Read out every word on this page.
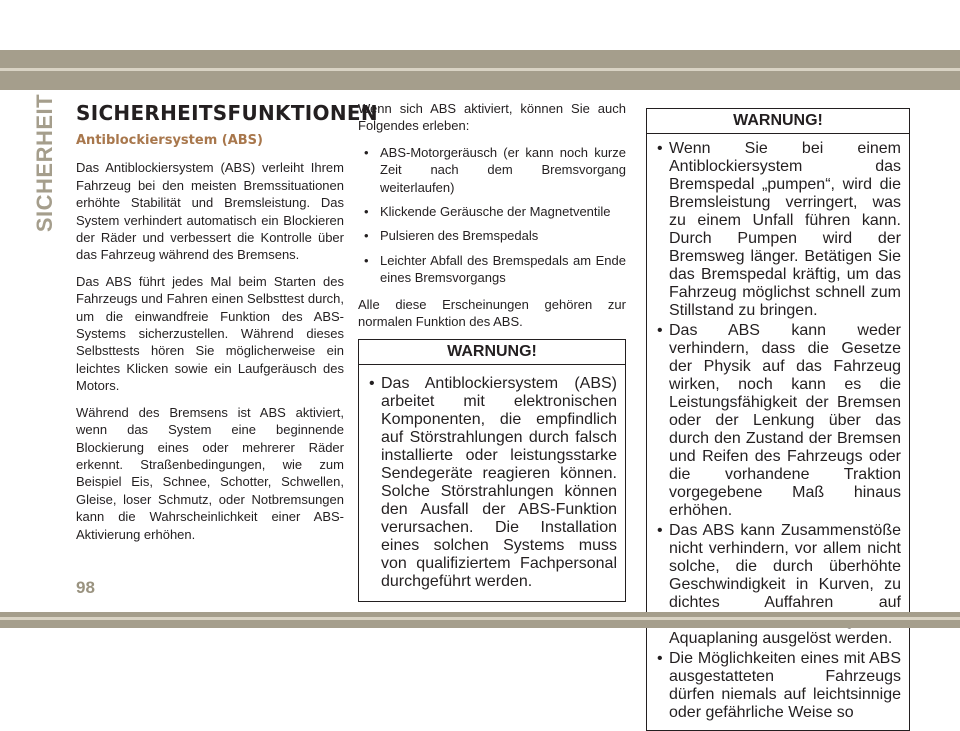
SICHERHEIT SICHERHEITSFUNKTIONEN
Antiblockiersystem (ABS)

Das Antiblockiersystem (ABS) verleiht Ihrem Fahrzeug bei den meisten Bremssituationen erhöhte Stabilität und Bremsleistung. Das System verhindert automatisch ein Blockieren der Räder und verbessert die Kontrolle über das Fahrzeug während des Bremsens.

Das ABS führt jedes Mal beim Starten des Fahrzeugs und Fahren einen Selbsttest durch, um die einwandfreie Funktion des ABS-Systems sicherzustellen. Während dieses Selbsttests hören Sie möglicherweise ein leichtes Klicken sowie ein Laufgeräusch des Motors.

Während des Bremsens ist ABS aktiviert, wenn das System eine beginnende Blockierung eines oder mehrerer Räder erkennt. Straßenbedingungen, wie zum Beispiel Eis, Schnee, Schotter, Schwellen, Gleise, loser Schmutz, oder Notbremsungen kann die Wahrscheinlichkeit einer ABS-Aktivierung erhöhen.

Wenn sich ABS aktiviert, können Sie auch Folgendes erleben:

• ABS-Motorgeräusch (er kann noch kurze Zeit nach dem Bremsvorgang weiterlaufen)
• Klickende Geräusche der Magnetventile
• Pulsieren des Bremspedals
• Leichter Abfall des Bremspedals am Ende eines Bremsvorgangs

Alle diese Erscheinungen gehören zur normalen Funktion des ABS.

WARNUNG!
• Das Antiblockiersystem (ABS) arbeitet mit elektronischen Komponenten, die empfindlich auf Störstrahlungen durch falsch installierte oder leistungsstarke Sendegeräte reagieren können. Solche Störstrahlungen können den Ausfall der ABS-Funktion verursachen. Die Installation eines solchen Systems muss von qualifiziertem Fachpersonal durchgeführt werden.
WARNUNG!
• Wenn Sie bei einem Antiblockiersystem das Bremspedal „pumpen“, wird die Bremsleistung verringert, was zu einem Unfall führen kann. Durch Pumpen wird der Bremsweg länger. Betätigen Sie das Bremspedal kräftig, um das Fahrzeug möglichst schnell zum Stillstand zu bringen.
• Das ABS kann weder verhindern, dass die Gesetze der Physik auf das Fahrzeug wirken, noch kann es die Leistungsfähigkeit der Bremsen oder der Lenkung über das durch den Zustand der Bremsen und Reifen des Fahrzeugs oder die vorhandene Traktion vorgegebene Maß hinaus erhöhen.
• Das ABS kann Zusammenstöße nicht verhindern, vor allem nicht solche, die durch überhöhte Geschwindigkeit in Kurven, zu dichtes Auffahren auf Aquaplaning ausgelöst werden.
• Die Möglichkeiten eines mit ABS ausgestatteten Fahrzeugs dürfen niemals auf leichtsinnige oder gefährliche Weise so
98
